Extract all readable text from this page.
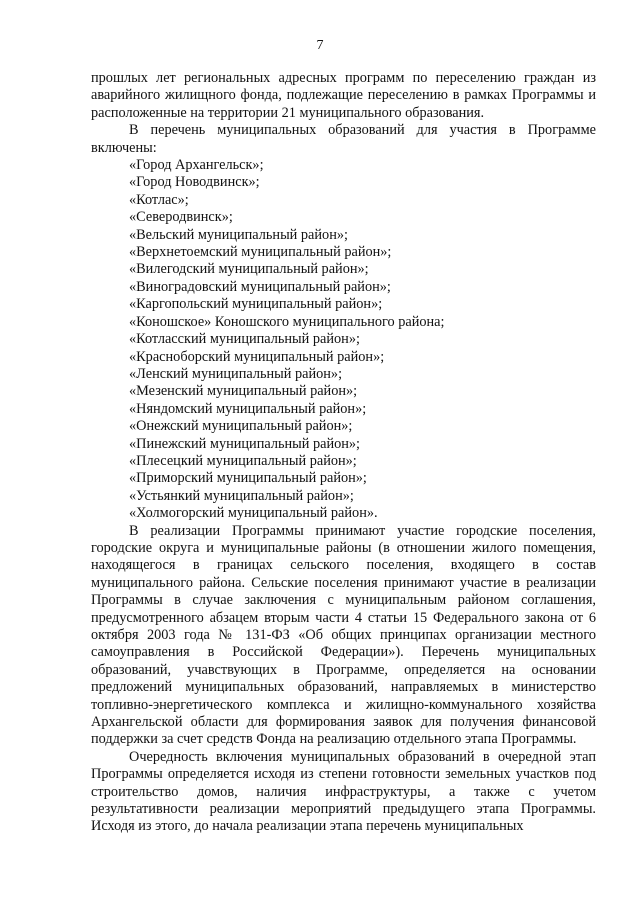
7

прошлых лет региональных адресных программ по переселению граждан из аварийного жилищного фонда, подлежащие переселению в рамках Программы и расположенные на территории 21 муниципального образования.

В перечень муниципальных образований для участия в Программе включены:

«Город Архангельск»;
«Город Новодвинск»;
«Котлас»;
«Северодвинск»;
«Вельский муниципальный район»;
«Верхнетоемский муниципальный район»;
«Вилегодский муниципальный район»;
«Виноградовский муниципальный район»;
«Каргопольский муниципальный район»;
«Коношское» Коношского муниципального района;
«Котласский муниципальный район»;
«Красноборский муниципальный район»;
«Ленский муниципальный район»;
«Мезенский муниципальный район»;
«Няндомский муниципальный район»;
«Онежский муниципальный район»;
«Пинежский муниципальный район»;
«Плесецкий муниципальный район»;
«Приморский муниципальный район»;
«Устьянкий муниципальный район»;
«Холмогорский муниципальный район».

В реализации Программы принимают участие городские поселения, городские округа и муниципальные районы (в отношении жилого помещения, находящегося в границах сельского поселения, входящего в состав муниципального района. Сельские поселения принимают участие в реализации Программы в случае заключения с муниципальным районом соглашения, предусмотренного абзацем вторым части 4 статьи 15 Федерального закона от 6 октября 2003 года № 131-ФЗ «Об общих принципах организации местного самоуправления в Российской Федерации»). Перечень муниципальных образований, учавствующих в Программе, определяется на основании предложений муниципальных образований, направляемых в министерство топливно-энергетического комплекса и жилищно-коммунального хозяйства Архангельской области для формирования заявок для получения финансовой поддержки за счет средств Фонда на реализацию отдельного этапа Программы.

Очередность включения муниципальных образований в очередной этап Программы определяется исходя из степени готовности земельных участков под строительство домов, наличия инфраструктуры, а также с учетом результативности реализации мероприятий предыдущего этапа Программы. Исходя из этого, до начала реализации этапа перечень муниципальных
